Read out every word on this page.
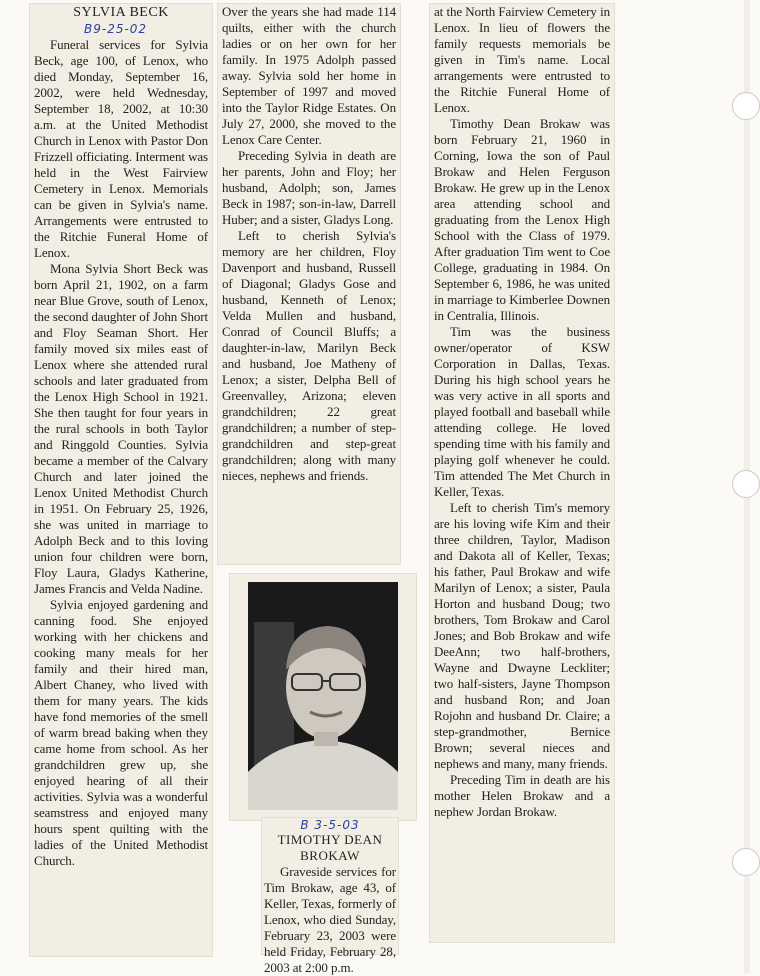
SYLVIA BECK
B9-25-02

Funeral services for Sylvia Beck, age 100, of Lenox, who died Monday, September 16, 2002, were held Wednesday, September 18, 2002, at 10:30 a.m. at the United Methodist Church in Lenox with Pastor Don Frizzell officiating. Interment was held in the West Fairview Cemetery in Lenox. Memorials can be given in Sylvia's name. Arrangements were entrusted to the Ritchie Funeral Home of Lenox.

Mona Sylvia Short Beck was born April 21, 1902, on a farm near Blue Grove, south of Lenox, the second daughter of John Short and Floy Seaman Short. Her family moved six miles east of Lenox where she attended rural schools and later graduated from the Lenox High School in 1921. She then taught for four years in the rural schools in both Taylor and Ringgold Counties. Sylvia became a member of the Calvary Church and later joined the Lenox United Methodist Church in 1951. On February 25, 1926, she was united in marriage to Adolph Beck and to this loving union four children were born, Floy Laura, Gladys Katherine, James Francis and Velda Nadine.

Sylvia enjoyed gardening and canning food. She enjoyed working with her chickens and cooking many meals for her family and their hired man, Albert Chaney, who lived with them for many years. The kids have fond memories of the smell of warm bread baking when they came home from school. As her grandchildren grew up, she enjoyed hearing of all their activities. Sylvia was a wonderful seamstress and enjoyed many hours spent quilting with the ladies of the United Methodist Church.

Over the years she had made 114 quilts, either with the church ladies or on her own for her family. In 1975 Adolph passed away. Sylvia sold her home in September of 1997 and moved into the Taylor Ridge Estates. On July 27, 2000, she moved to the Lenox Care Center.

Preceding Sylvia in death are her parents, John and Floy; her husband, Adolph; son, James Beck in 1987; son-in-law, Darrell Huber; and a sister, Gladys Long.

Left to cherish Sylvia's memory are her children, Floy Davenport and husband, Russell of Diagonal; Gladys Gose and husband, Kenneth of Lenox; Velda Mullen and husband, Conrad of Council Bluffs; a daughter-in-law, Marilyn Beck and husband, Joe Matheny of Lenox; a sister, Delpha Bell of Greenvalley, Arizona; eleven grandchildren; 22 great grandchildren; a number of step-grandchildren and step-great grandchildren; along with many nieces, nephews and friends.

B 3-5-03
TIMOTHY DEAN
BROKAW

Graveside services for Tim Brokaw, age 43, of Keller, Texas, formerly of Lenox, who died Sunday, February 23, 2003 were held Friday, February 28, 2003 at 2:00 p.m.

at the North Fairview Cemetery in Lenox. In lieu of flowers the family requests memorials be given in Tim's name. Local arrangements were entrusted to the Ritchie Funeral Home of Lenox.

Timothy Dean Brokaw was born February 21, 1960 in Corning, Iowa the son of Paul Brokaw and Helen Ferguson Brokaw. He grew up in the Lenox area attending school and graduating from the Lenox High School with the Class of 1979. After graduation Tim went to Coe College, graduating in 1984. On September 6, 1986, he was united in marriage to Kimberlee Downen in Centralia, Illinois.

Tim was the business owner/operator of KSW Corporation in Dallas, Texas. During his high school years he was very active in all sports and played football and baseball while attending college. He loved spending time with his family and playing golf whenever he could. Tim attended The Met Church in Keller, Texas.

Left to cherish Tim's memory are his loving wife Kim and their three children, Taylor, Madison and Dakota all of Keller, Texas; his father, Paul Brokaw and wife Marilyn of Lenox; a sister, Paula Horton and husband Doug; two brothers, Tom Brokaw and Carol Jones; and Bob Brokaw and wife DeeAnn; two half-brothers, Wayne and Dwayne Leckliter; two half-sisters, Jayne Thompson and husband Ron; and Joan Rojohn and husband Dr. Claire; a step-grandmother, Bernice Brown; several nieces and nephews and many, many friends.

Preceding Tim in death are his mother Helen Brokaw and a nephew Jordan Brokaw.
